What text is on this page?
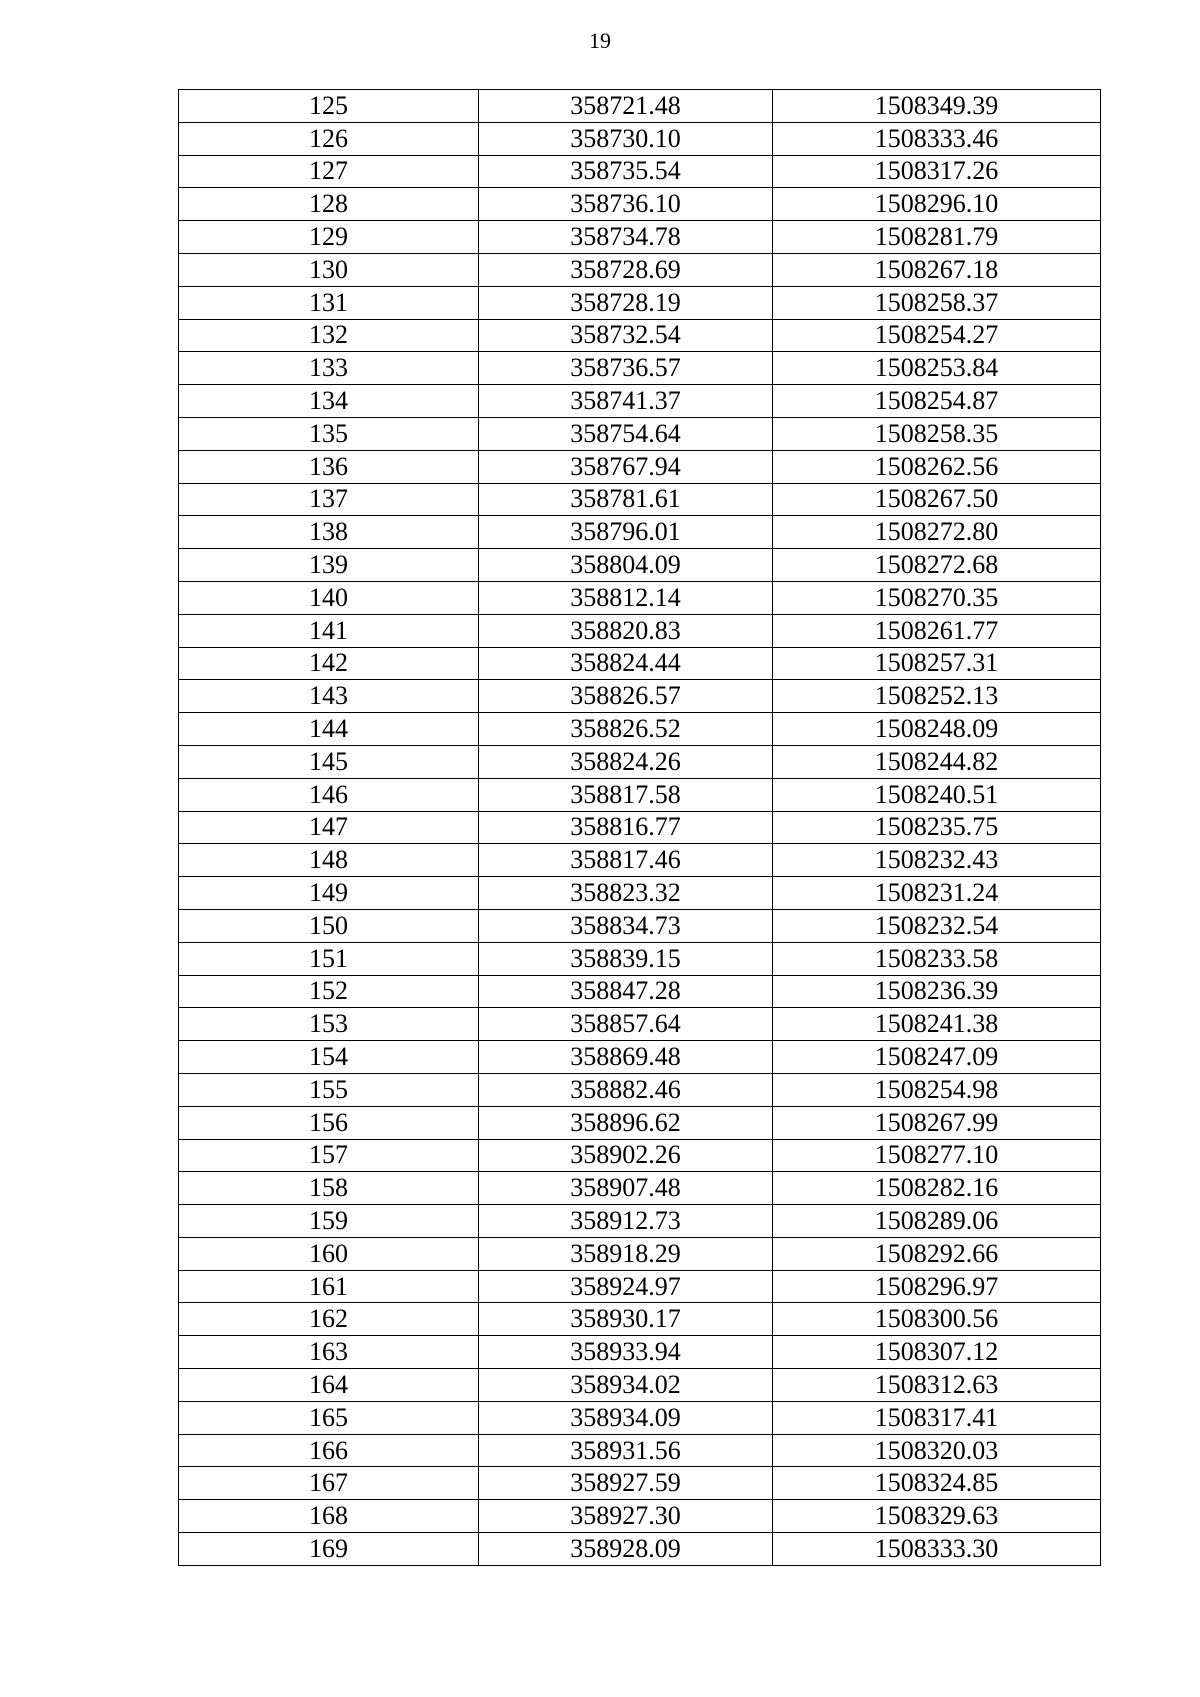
19
125	358721.48	1508349.39
126	358730.10	1508333.46
127	358735.54	1508317.26
128	358736.10	1508296.10
129	358734.78	1508281.79
130	358728.69	1508267.18
131	358728.19	1508258.37
132	358732.54	1508254.27
133	358736.57	1508253.84
134	358741.37	1508254.87
135	358754.64	1508258.35
136	358767.94	1508262.56
137	358781.61	1508267.50
138	358796.01	1508272.80
139	358804.09	1508272.68
140	358812.14	1508270.35
141	358820.83	1508261.77
142	358824.44	1508257.31
143	358826.57	1508252.13
144	358826.52	1508248.09
145	358824.26	1508244.82
146	358817.58	1508240.51
147	358816.77	1508235.75
148	358817.46	1508232.43
149	358823.32	1508231.24
150	358834.73	1508232.54
151	358839.15	1508233.58
152	358847.28	1508236.39
153	358857.64	1508241.38
154	358869.48	1508247.09
155	358882.46	1508254.98
156	358896.62	1508267.99
157	358902.26	1508277.10
158	358907.48	1508282.16
159	358912.73	1508289.06
160	358918.29	1508292.66
161	358924.97	1508296.97
162	358930.17	1508300.56
163	358933.94	1508307.12
164	358934.02	1508312.63
165	358934.09	1508317.41
166	358931.56	1508320.03
167	358927.59	1508324.85
168	358927.30	1508329.63
169	358928.09	1508333.30
